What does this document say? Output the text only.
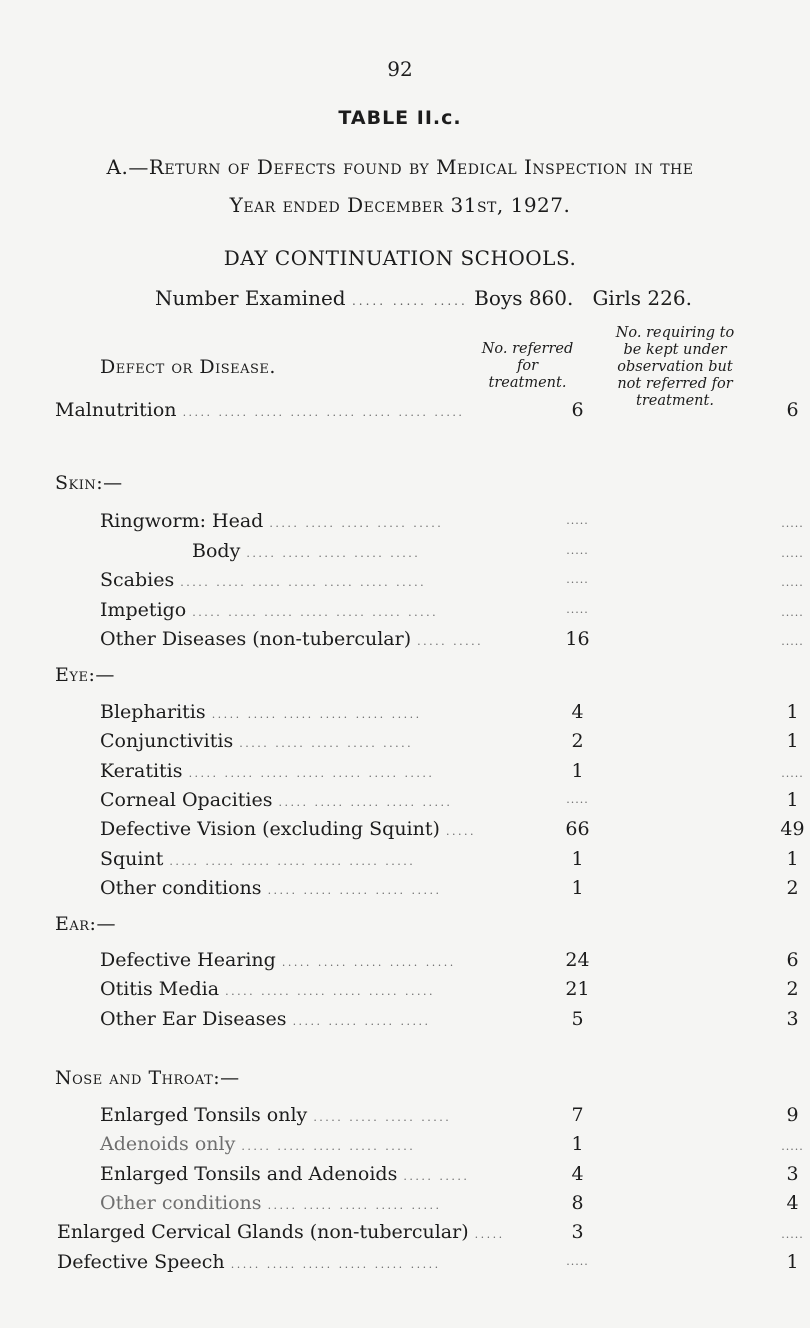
92
TABLE II.c.
A.—Return of Defects found by Medical Inspection in the
Year ended December 31st, 1927.
DAY CONTINUATION SCHOOLS.
Number Examined ..... ..... ..... Boys 860. Girls 226.
Defect or Disease.
No. referred
for
treatment.
No. requiring to
be kept under
observation but
not referred for
treatment.
Malnutrition ..... ..... ..... ..... ..... ..... ..... .....	6	6
Skin:—
Ringworm: Head ..... ..... ..... ..... .....	.....	.....
Body ..... ..... ..... ..... .....	.....	.....
Scabies ..... ..... ..... ..... ..... ..... .....	.....	.....
Impetigo ..... ..... ..... ..... ..... ..... .....	.....	.....
Other Diseases (non-tubercular) ..... .....	16	.....
Eye:—
Blepharitis ..... ..... ..... ..... ..... .....	4	1
Conjunctivitis ..... ..... ..... ..... .....	2	1
Keratitis ..... ..... ..... ..... ..... ..... .....	1	.....
Corneal Opacities ..... ..... ..... ..... .....	.....	1
Defective Vision (excluding Squint) .....	66	49
Squint ..... ..... ..... ..... ..... ..... .....	1	1
Other conditions ..... ..... ..... ..... .....	1	2
Ear:—
Defective Hearing ..... ..... ..... ..... .....	24	6
Otitis Media ..... ..... ..... ..... ..... .....	21	2
Other Ear Diseases ..... ..... ..... .....	5	3
Nose and Throat:—
Enlarged Tonsils only ..... ..... ..... .....	7	9
Adenoids only ..... ..... ..... ..... .....	1	.....
Enlarged Tonsils and Adenoids ..... .....	4	3
Other conditions ..... ..... ..... ..... .....	8	4
Enlarged Cervical Glands (non-tubercular) .....	3	.....
Defective Speech ..... ..... ..... ..... ..... .....	.....	1
